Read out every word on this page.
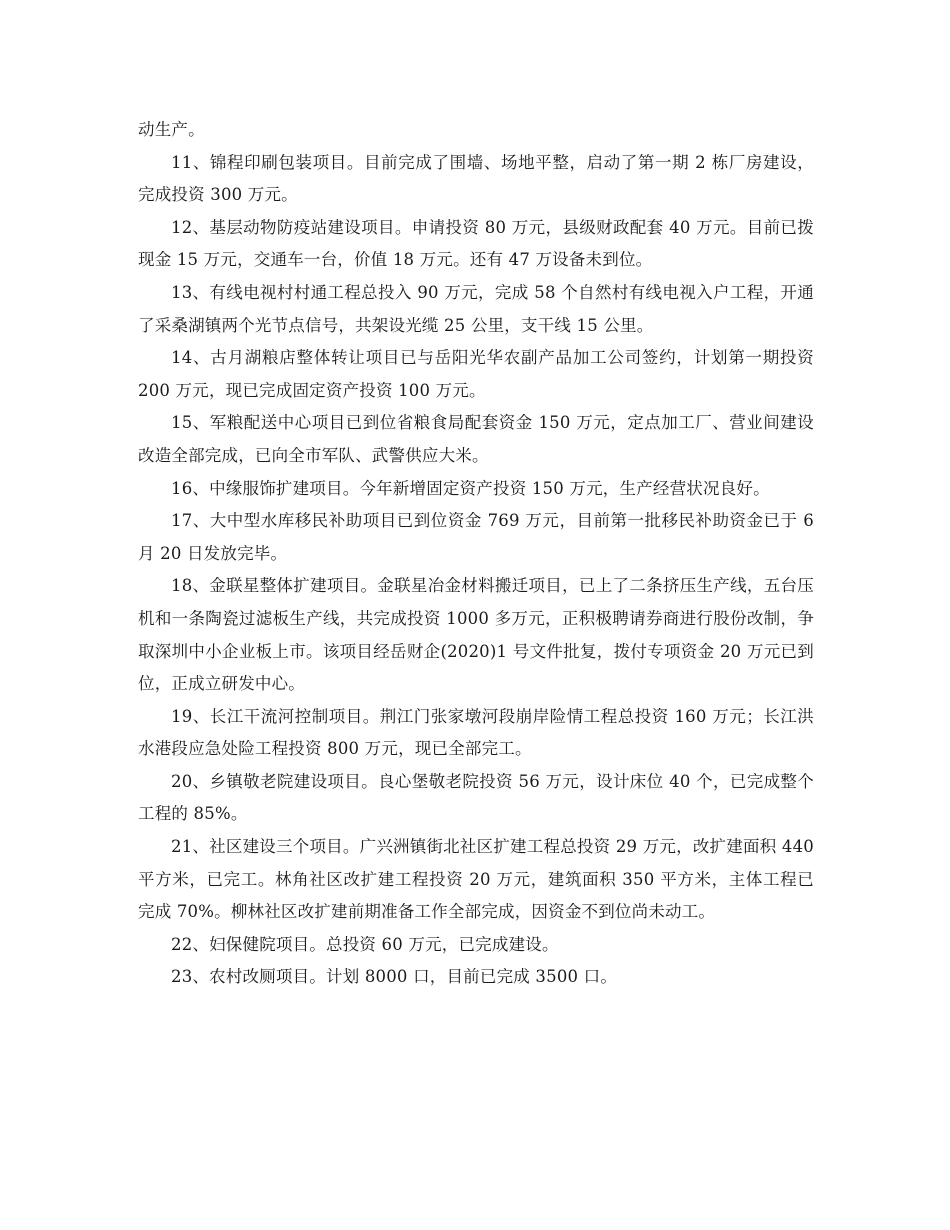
动生产。

11、锦程印刷包装项目。目前完成了围墙、场地平整，启动了第一期 2 栋厂房建设，完成投资 300 万元。

12、基层动物防疫站建设项目。申请投资 80 万元，县级财政配套 40 万元。目前已拨现金 15 万元，交通车一台，价值 18 万元。还有 47 万设备未到位。

13、有线电视村村通工程总投入 90 万元，完成 58 个自然村有线电视入户工程，开通了采桑湖镇两个光节点信号，共架设光缆 25 公里，支干线 15 公里。

14、古月湖粮店整体转让项目已与岳阳光华农副产品加工公司签约，计划第一期投资 200 万元，现已完成固定资产投资 100 万元。

15、军粮配送中心项目已到位省粮食局配套资金 150 万元，定点加工厂、营业间建设改造全部完成，已向全市军队、武警供应大米。

16、中缘服饰扩建项目。今年新增固定资产投资 150 万元，生产经营状况良好。

17、大中型水库移民补助项目已到位资金 769 万元，目前第一批移民补助资金已于 6 月 20 日发放完毕。

18、金联星整体扩建项目。金联星冶金材料搬迁项目，已上了二条挤压生产线，五台压机和一条陶瓷过滤板生产线，共完成投资 1000 多万元，正积极聘请券商进行股份改制，争取深圳中小企业板上市。该项目经岳财企(2020)1 号文件批复，拨付专项资金 20 万元已到位，正成立研发中心。

19、长江干流河控制项目。荆江门张家墩河段崩岸险情工程总投资 160 万元；长江洪水港段应急处险工程投资 800 万元，现已全部完工。

20、乡镇敬老院建设项目。良心堡敬老院投资 56 万元，设计床位 40 个，已完成整个工程的 85%。

21、社区建设三个项目。广兴洲镇街北社区扩建工程总投资 29 万元，改扩建面积 440 平方米，已完工。林角社区改扩建工程投资 20 万元，建筑面积 350 平方米，主体工程已完成 70%。柳林社区改扩建前期准备工作全部完成，因资金不到位尚未动工。

22、妇保健院项目。总投资 60 万元，已完成建设。

23、农村改厕项目。计划 8000 口，目前已完成 3500 口。
